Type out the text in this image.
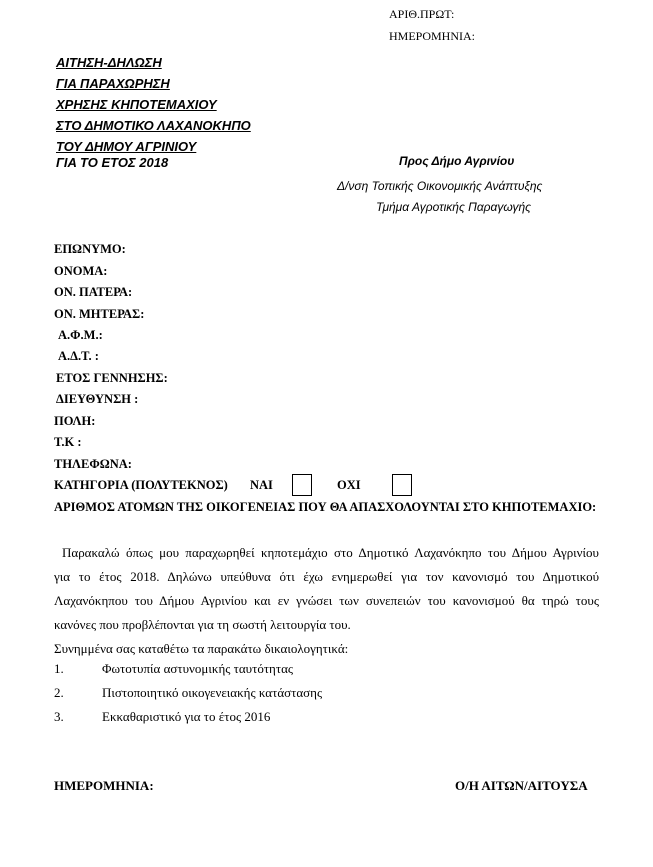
ΑΡΙΘ.ΠΡΩΤ:
ΗΜΕΡΟΜΗΝΙΑ:
ΑΙΤΗΣΗ-ΔΗΛΩΣΗ
ΓΙΑ ΠΑΡΑΧΩΡΗΣΗ
ΧΡΗΣΗΣ ΚΗΠΟΤΕΜΑΧΙΟΥ
ΣΤΟ ΔΗΜΟΤΙΚΟ ΛΑΧΑΝΟΚΗΠΟ
ΤΟΥ ΔΗΜΟΥ ΑΓΡΙΝΙΟΥ
ΓΙΑ ΤΟ ΕΤΟΣ 2018	Προς Δήμο Αγρινίου
Δ/νση Τοπικής Οικονομικής Ανάπτυξης
Τμήμα Αγροτικής Παραγωγής
ΕΠΩΝΥΜΟ:
ΟΝΟΜΑ:
ΟΝ. ΠΑΤΕΡΑ:
ΟΝ. ΜΗΤΕΡΑΣ:
Α.Φ.Μ.:
Α.Δ.Τ. :
ΕΤΟΣ ΓΕΝΝΗΣΗΣ:
ΔΙΕΥΘΥΝΣΗ :
ΠΟΛΗ:
Τ.Κ :
ΤΗΛΕΦΩΝΑ:
ΚΑΤΗΓΟΡΙΑ (ΠΟΛΥΤΕΚΝΟΣ) ΝΑΙ	ΟΧΙ
ΑΡΙΘΜΟΣ ΑΤΟΜΩΝ ΤΗΣ ΟΙΚΟΓΕΝΕΙΑΣ ΠΟΥ ΘΑ ΑΠΑΣΧΟΛΟΥΝΤΑΙ ΣΤΟ ΚΗΠΟΤΕΜΑΧΙΟ:
Παρακαλώ όπως μου παραχωρηθεί κηποτεμάχιο στο Δημοτικό Λαχανόκηπο του Δήμου Αγρινίου
για το έτος 2018. Δηλώνω υπεύθυνα ότι έχω ενημερωθεί για τον κανονισμό του Δημοτικού
Λαχανόκηπου του Δήμου Αγρινίου και εν γνώσει των συνεπειών του κανονισμού θα τηρώ τους
κανόνες που προβλέπονται για τη σωστή λειτουργία του.
Συνημμένα σας καταθέτω τα παρακάτω δικαιολογητικά:
1.	Φωτοτυπία αστυνομικής ταυτότητας
2.	Πιστοποιητικό οικογενειακής κατάστασης
3.	Εκκαθαριστικό για το έτος 2016
ΗΜΕΡΟΜΗΝΙΑ:	Ο/Η ΑΙΤΩΝ/ΑΙΤΟΥΣΑ
